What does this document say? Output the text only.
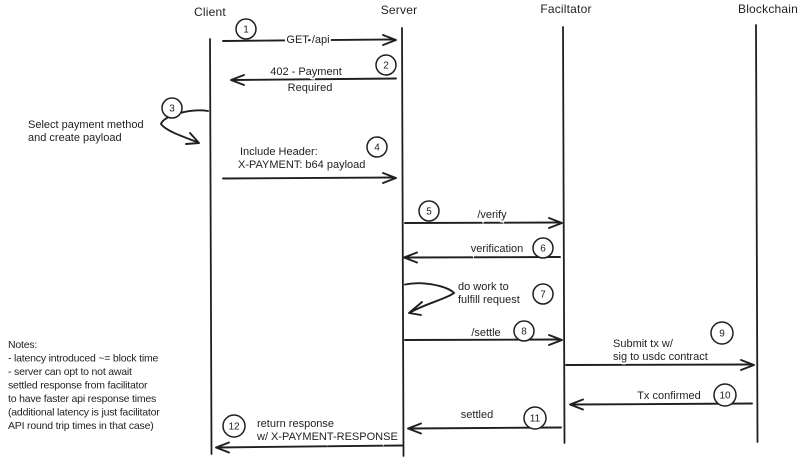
Client	Server	Faciltator	Blockchain
GET /api
1
402 - Payment
Required
2
Select payment method
and create payload
3
Include Header:
X-PAYMENT: b64 payload
4
/verify
5
verification 6
do work to
fulfill request 7
/settle 8
Submit tx w/
sig to usdc contract
9
Tx confirmed 10
settled	11
return response
w/ X-PAYMENT-RESPONSE
12
Notes:
- latency introduced ~= block time
- server can opt to not await
settled response from facilitator
to have faster api response times
(additional latency is just facilitator
API round trip times in that case)
